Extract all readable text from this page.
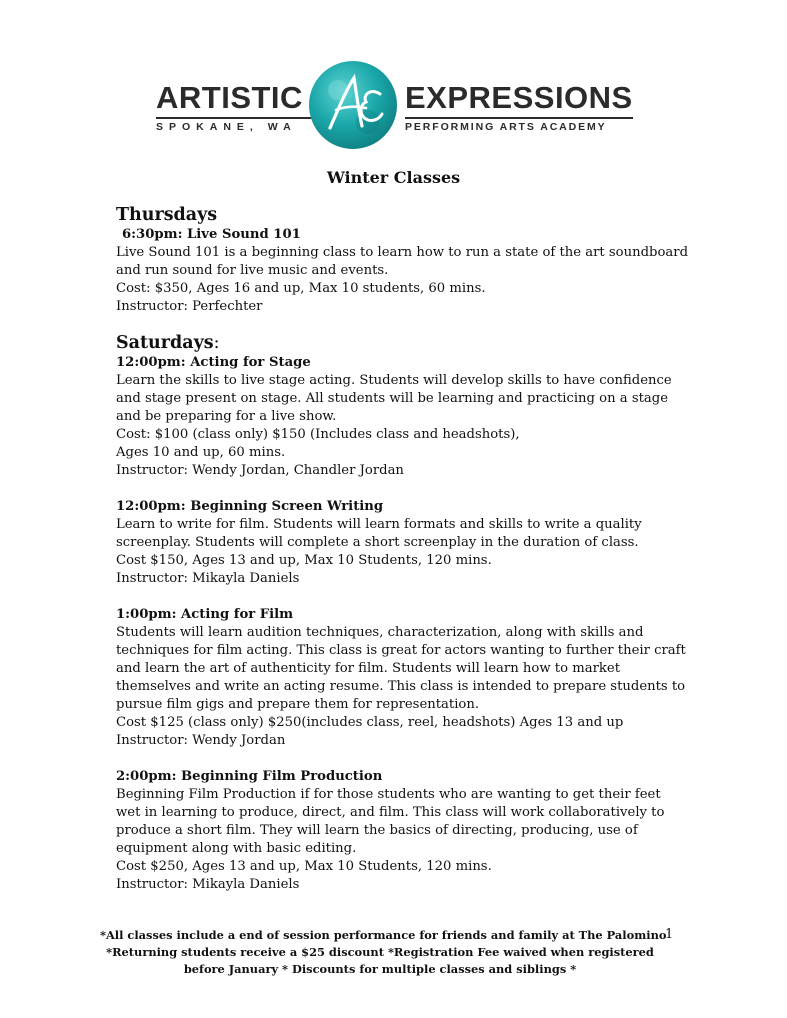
ARTISTIC	EXPRESSIONS
SPOKANE, WA	PERFORMING ARTS ACADEMY
Winter Classes

Thursdays

6:30pm: Live Sound 101

Live Sound 101 is a beginning class to learn how to run a state of the art soundboard

and run sound for live music and events.

Cost: $350, Ages 16 and up, Max 10 students, 60 mins.

Instructor: Perfechter

Saturdays:

12:00pm: Acting for Stage

Learn the skills to live stage acting. Students will develop skills to have confidence

and stage present on stage. All students will be learning and practicing on a stage

and be preparing for a live show.

Cost: $100 (class only) $150 (Includes class and headshots),

Ages 10 and up, 60 mins.

Instructor: Wendy Jordan, Chandler Jordan

12:00pm: Beginning Screen Writing

Learn to write for film. Students will learn formats and skills to write a quality

screenplay. Students will complete a short screenplay in the duration of class.

Cost $150, Ages 13 and up, Max 10 Students, 120 mins.

Instructor: Mikayla Daniels

1:00pm: Acting for Film

Students will learn audition techniques, characterization, along with skills and

techniques for film acting. This class is great for actors wanting to further their craft

and learn the art of authenticity for film. Students will learn how to market

themselves and write an acting resume. This class is intended to prepare students to

pursue film gigs and prepare them for representation.

Cost $125 (class only) $250(includes class, reel, headshots) Ages 13 and up

Instructor: Wendy Jordan

2:00pm: Beginning Film Production

Beginning Film Production if for those students who are wanting to get their feet

wet in learning to produce, direct, and film. This class will work collaboratively to

produce a short film. They will learn the basics of directing, producing, use of

equipment along with basic editing.

Cost $250, Ages 13 and up, Max 10 Students, 120 mins.

Instructor: Mikayla Daniels

*All classes include a end of session performance for friends and family at The Palomino

*Returning students receive a $25 discount *Registration Fee waived when registered

before January * Discounts for multiple classes and siblings *

1
